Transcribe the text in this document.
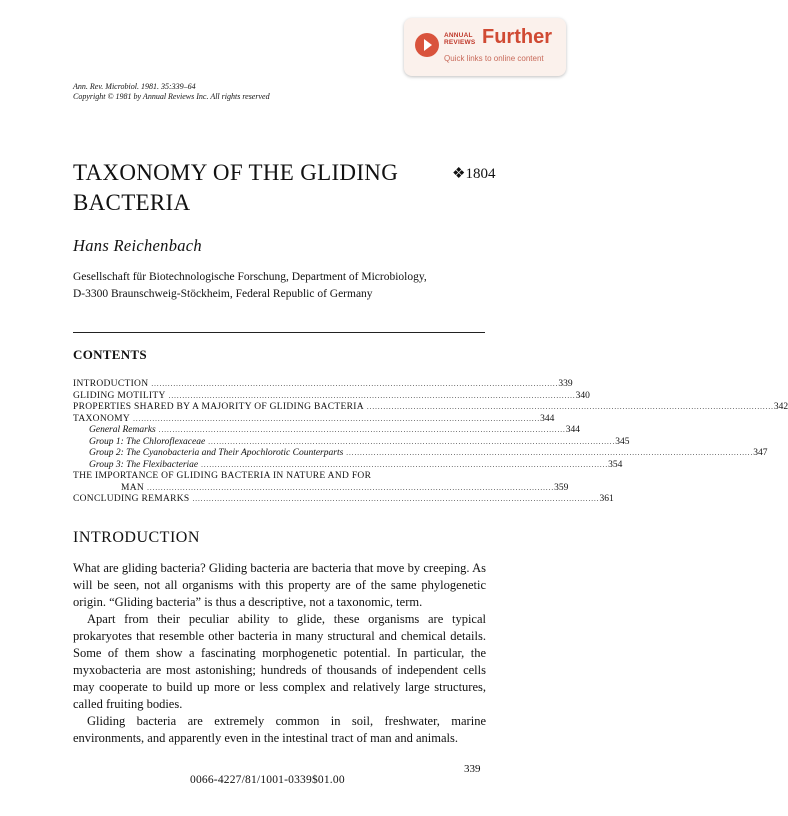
ANNUAL
REVIEWS Further
Quick links to online content
Ann. Rev. Microbiol. 1981. 35:339–64
Copyright © 1981 by Annual Reviews Inc. All rights reserved
TAXONOMY OF THE GLIDING
BACTERIA
❖1804
Hans Reichenbach
Gesellschaft für Biotechnologische Forschung, Department of Microbiology,
D-3300 Braunschweig-Stöckheim, Federal Republic of Germany
CONTENTS
INTRODUCTION .................................................................................................................................................... 339
GLIDING MOTILITY .................................................................................................................................................... 340
PROPERTIES SHARED BY A MAJORITY OF GLIDING BACTERIA .................................................................................................................................................... 342
TAXONOMY .................................................................................................................................................... 344
General Remarks .................................................................................................................................................... 344
Group 1: The Chloroflexaceae .................................................................................................................................................... 345
Group 2: The Cyanobacteria and Their Apochlorotic Counterparts .................................................................................................................................................... 347
Group 3: The Flexibacteriae .................................................................................................................................................... 354
THE IMPORTANCE OF GLIDING BACTERIA IN NATURE AND FOR
MAN .................................................................................................................................................... 359
CONCLUDING REMARKS .................................................................................................................................................... 361
INTRODUCTION

What are gliding bacteria? Gliding bacteria are bacteria that move by creeping. As will be seen, not all organisms with this property are of the same phylogenetic origin. “Gliding bacteria” is thus a descriptive, not a taxonomic, term.

Apart from their peculiar ability to glide, these organisms are typical prokaryotes that resemble other bacteria in many structural and chemical details. Some of them show a fascinating morphogenetic potential. In particular, the myxobacteria are most astonishing; hundreds of thousands of independent cells may cooperate to build up more or less complex and relatively large structures, called fruiting bodies.

Gliding bacteria are extremely common in soil, freshwater, marine environments, and apparently even in the intestinal tract of man and animals.

339
0066-4227/81/1001-0339$01.00
